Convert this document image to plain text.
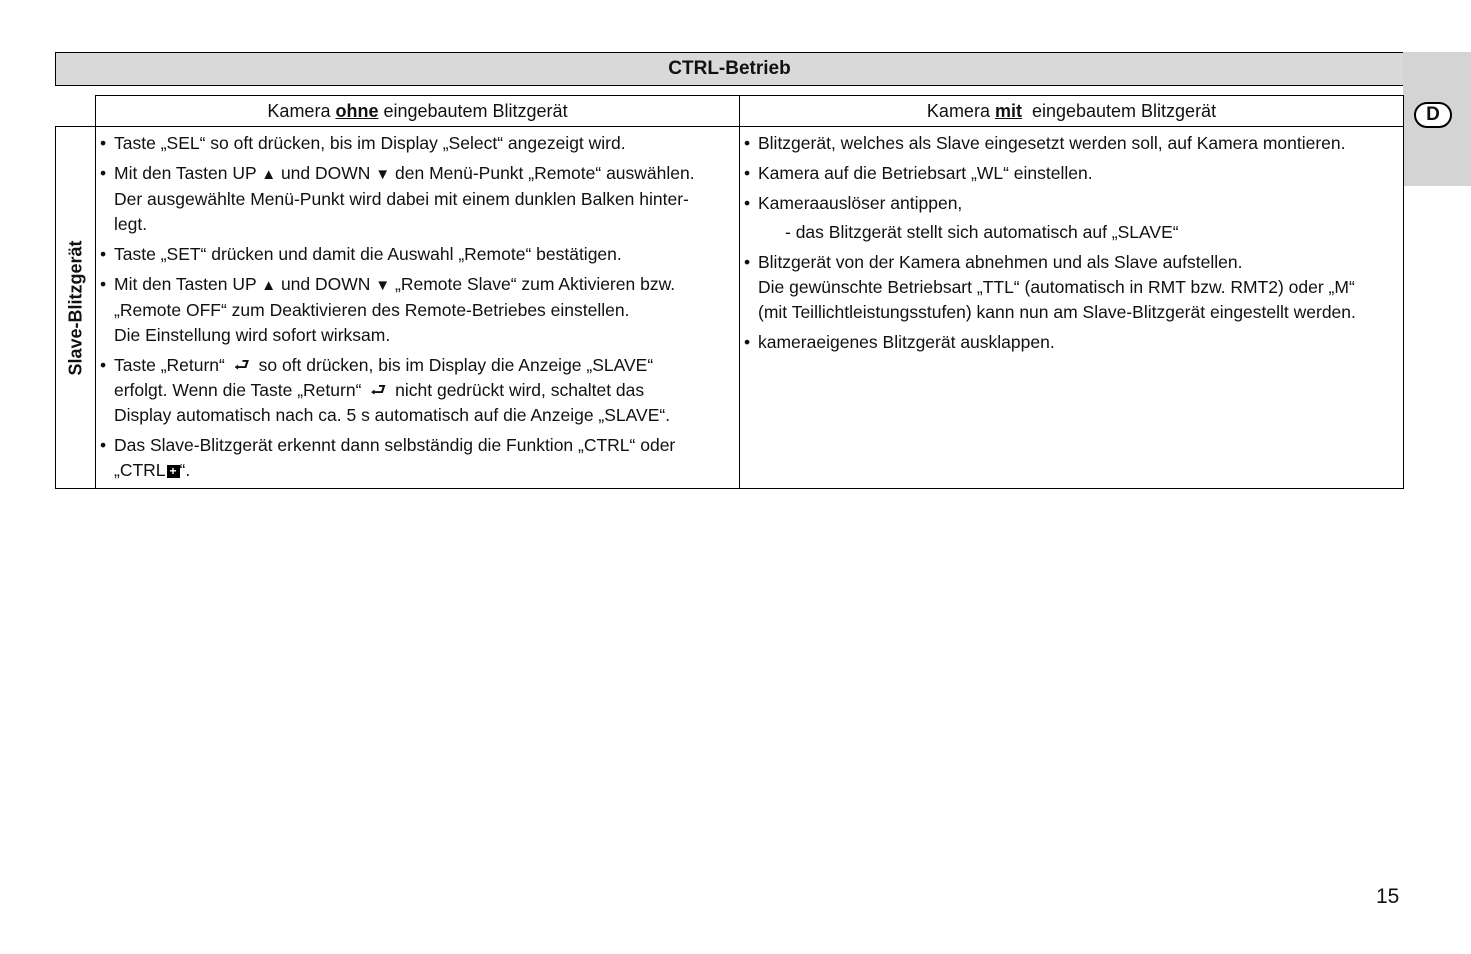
CTRL-Betrieb
D
Kamera ohne eingebautem Blitzgerät	Kamera mit eingebautem Blitzgerät
Slave-Blitzgerät
• Taste „SEL“ so oft drücken, bis im Display „Select“ angezeigt wird.
• Mit den Tasten UP ▲ und DOWN ▼ den Menü-Punkt „Remote“ auswählen.
Der ausgewählte Menü-Punkt wird dabei mit einem dunklen Balken hinter-
legt.
• Taste „SET“ drücken und damit die Auswahl „Remote“ bestätigen.
• Mit den Tasten UP ▲ und DOWN ▼ „Remote Slave“ zum Aktivieren bzw.
„Remote OFF“ zum Deaktivieren des Remote-Betriebes einstellen.
Die Einstellung wird sofort wirksam.
• Taste „Return“ ⮐ so oft drücken, bis im Display die Anzeige „SLAVE“
erfolgt. Wenn die Taste „Return“ ⮐ nicht gedrückt wird, schaltet das
Display automatisch nach ca. 5 s automatisch auf die Anzeige „SLAVE“.
• Das Slave-Blitzgerät erkennt dann selbständig die Funktion „CTRL“ oder
„CTRL + “.
• Blitzgerät, welches als Slave eingesetzt werden soll, auf Kamera montieren.
• Kamera auf die Betriebsart „WL“ einstellen.
• Kameraauslöser antippen,
- das Blitzgerät stellt sich automatisch auf „SLAVE“
• Blitzgerät von der Kamera abnehmen und als Slave aufstellen.
Die gewünschte Betriebsart „TTL“ (automatisch in RMT bzw. RMT2) oder „M“
(mit Teillichtleistungsstufen) kann nun am Slave-Blitzgerät eingestellt werden.
• kameraeigenes Blitzgerät ausklappen.
15
